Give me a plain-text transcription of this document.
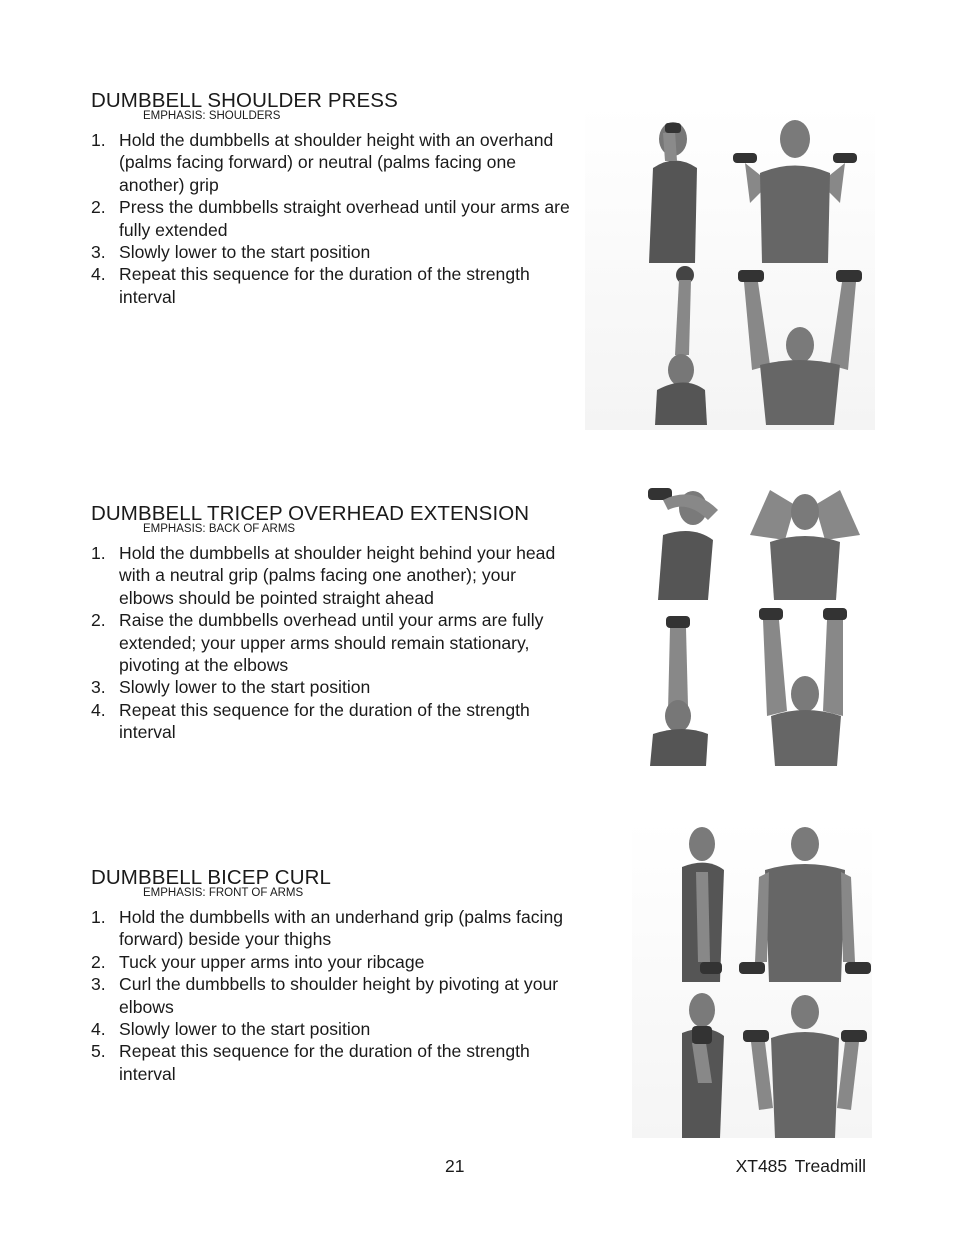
DUMBBELL SHOULDER PRESS
EMPHASIS: SHOULDERS
1. Hold the dumbbells at shoulder height with an overhand (palms facing forward) or neutral (palms facing one another) grip
2. Press the dumbbells straight overhead until your arms are fully extended
3. Slowly lower to the start position
4. Repeat this sequence for the duration of the strength interval
DUMBBELL TRICEP OVERHEAD EXTENSION
EMPHASIS: BACK OF ARMS
1. Hold the dumbbells at shoulder height behind your head with a neutral grip (palms facing one another); your elbows should be pointed straight ahead
2. Raise the dumbbells overhead until your arms are fully extended; your upper arms should remain stationary, pivoting at the elbows
3. Slowly lower to the start position
4. Repeat this sequence for the duration of the strength interval
DUMBBELL BICEP CURL
EMPHASIS: FRONT OF ARMS
1. Hold the dumbbells with an underhand grip (palms facing forward) beside your thighs
2. Tuck your upper arms into your ribcage
3. Curl the dumbbells to shoulder height by pivoting at your elbows
4. Slowly lower to the start position
5. Repeat this sequence for the duration of the strength interval
21	XT485 Treadmill
